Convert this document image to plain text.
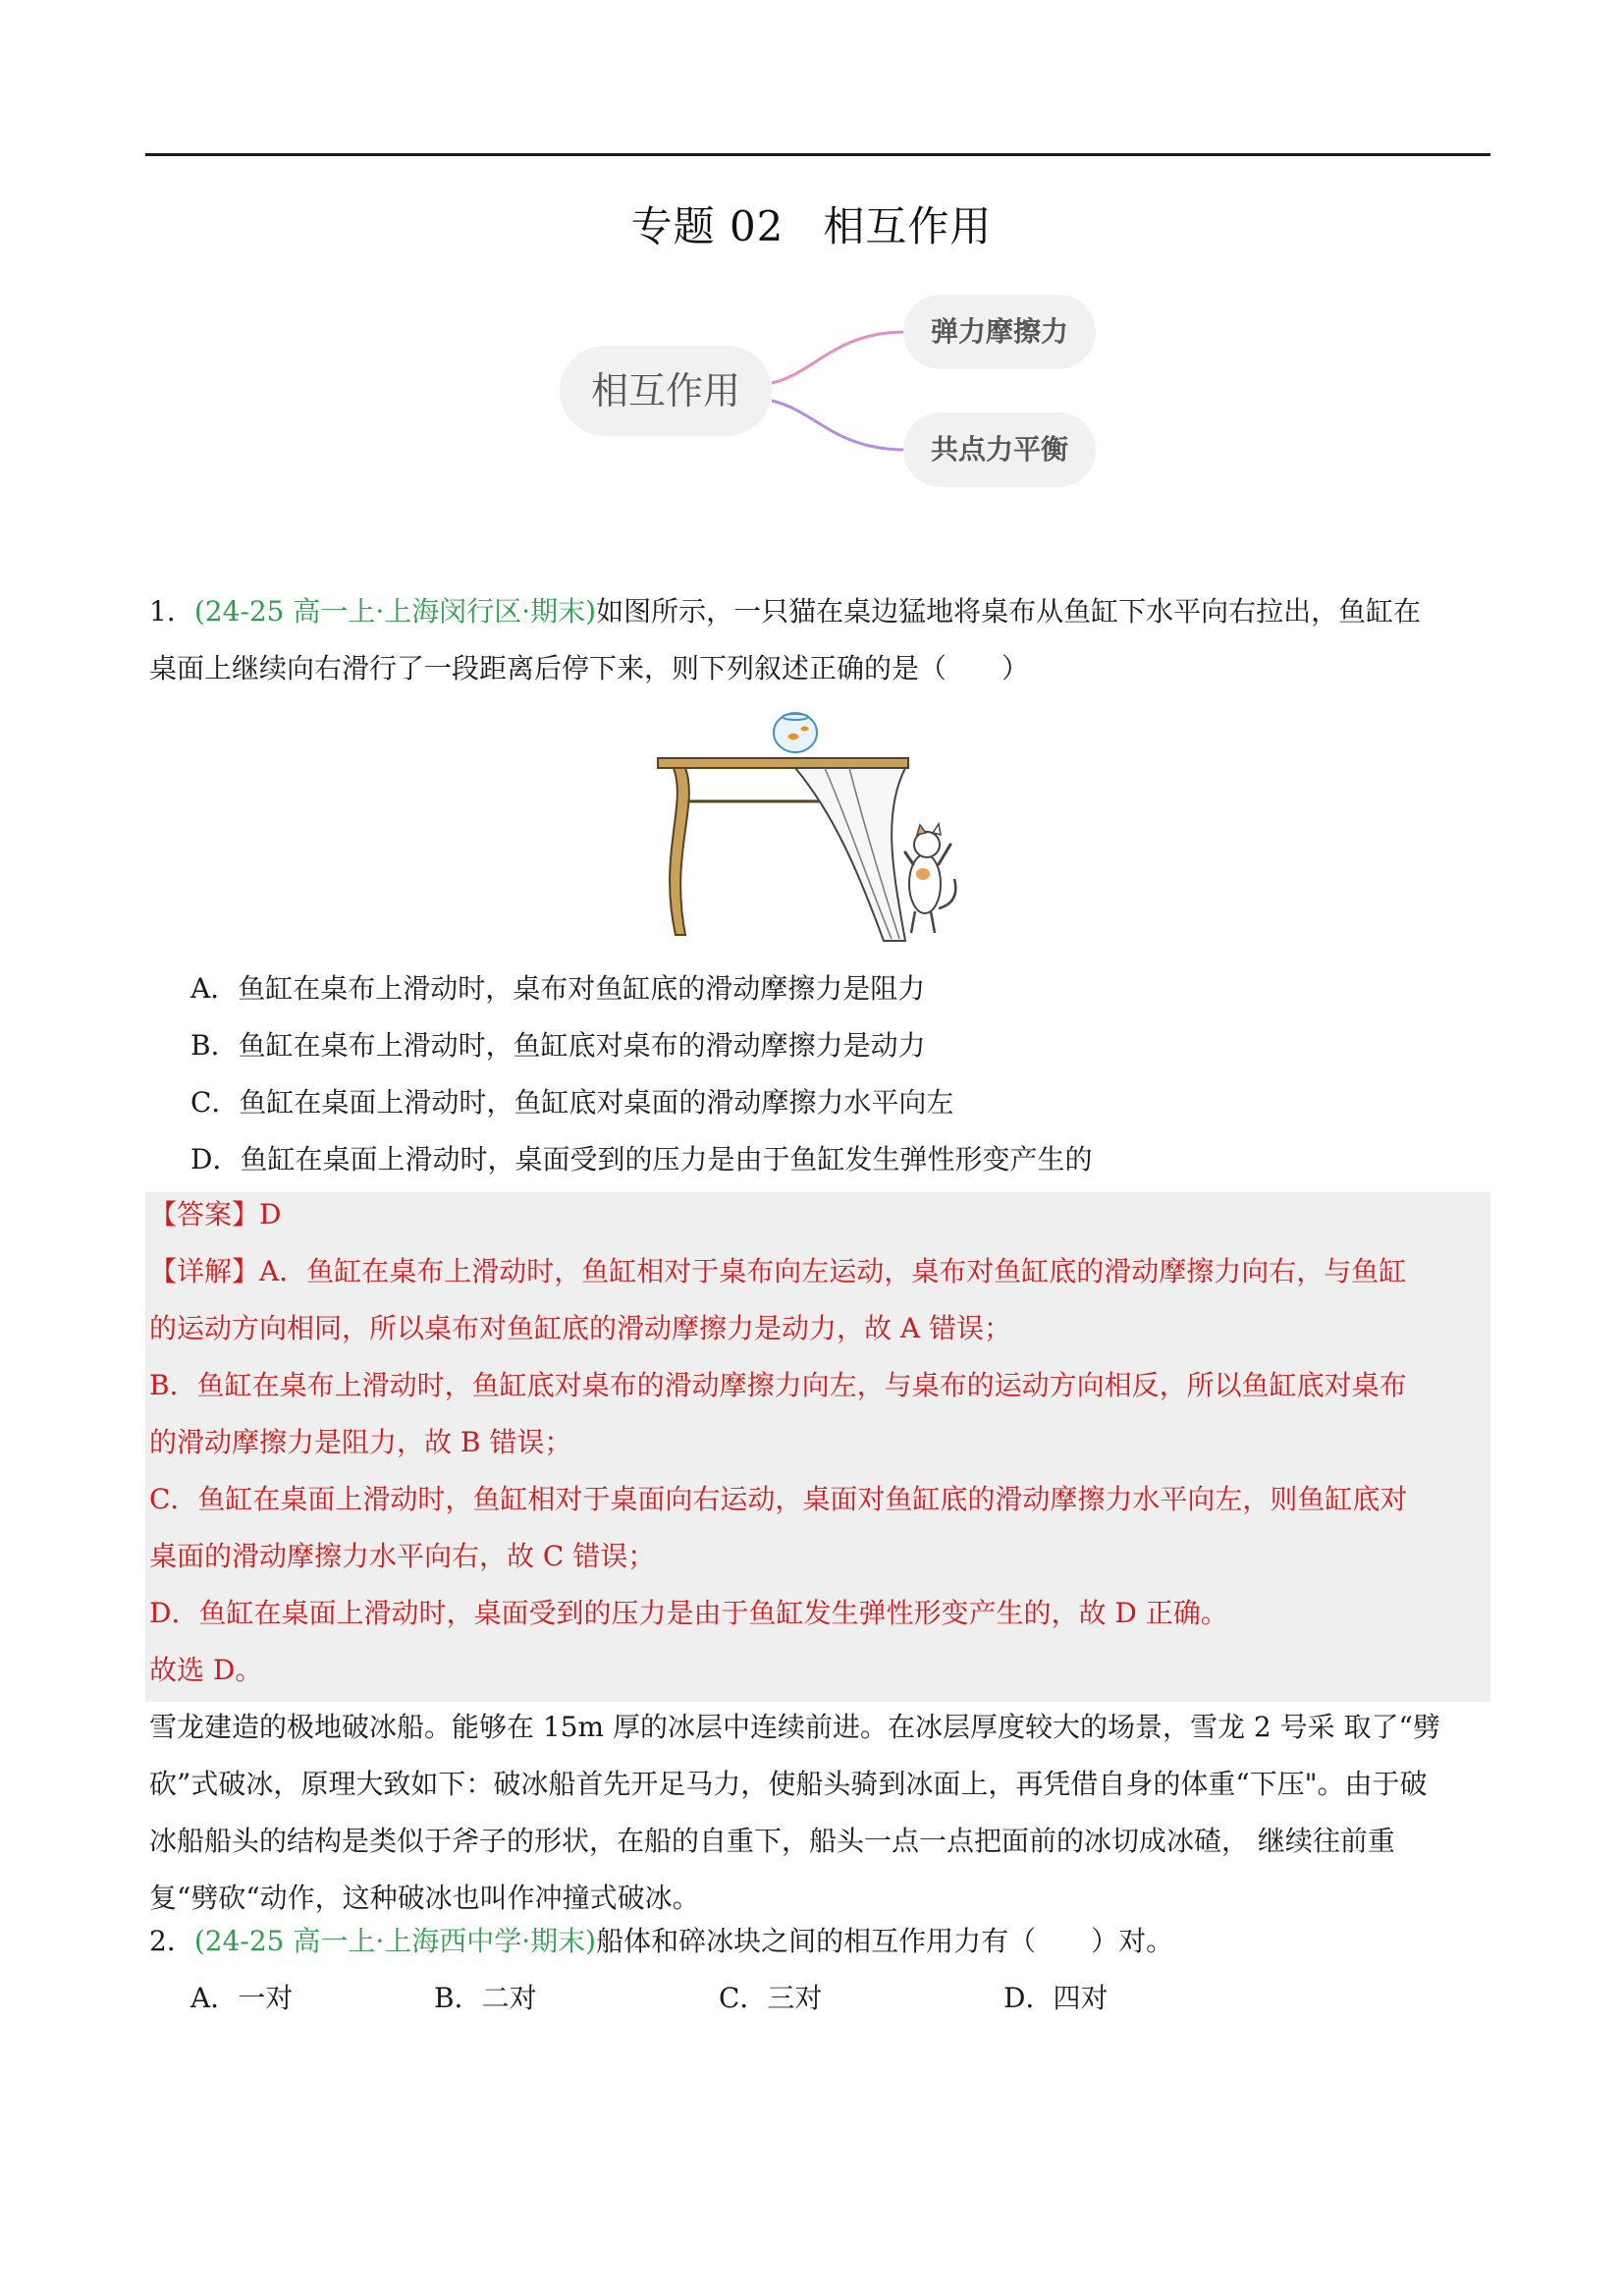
专题 02 相互作用
相互作用
弹力摩擦力
共点力平衡
1．(24-25 高一上·上海闵行区·期末)如图所示，一只猫在桌边猛地将桌布从鱼缸下水平向右拉出，鱼缸在
桌面上继续向右滑行了一段距离后停下来，则下列叙述正确的是（　　）
A．鱼缸在桌布上滑动时，桌布对鱼缸底的滑动摩擦力是阻力
B．鱼缸在桌布上滑动时，鱼缸底对桌布的滑动摩擦力是动力
C．鱼缸在桌面上滑动时，鱼缸底对桌面的滑动摩擦力水平向左
D．鱼缸在桌面上滑动时，桌面受到的压力是由于鱼缸发生弹性形变产生的
【答案】D
【详解】A．鱼缸在桌布上滑动时，鱼缸相对于桌布向左运动，桌布对鱼缸底的滑动摩擦力向右，与鱼缸
的运动方向相同，所以桌布对鱼缸底的滑动摩擦力是动力，故 A 错误；
B．鱼缸在桌布上滑动时，鱼缸底对桌布的滑动摩擦力向左，与桌布的运动方向相反，所以鱼缸底对桌布
的滑动摩擦力是阻力，故 B 错误；
C．鱼缸在桌面上滑动时，鱼缸相对于桌面向右运动，桌面对鱼缸底的滑动摩擦力水平向左，则鱼缸底对
桌面的滑动摩擦力水平向右，故 C 错误；
D．鱼缸在桌面上滑动时，桌面受到的压力是由于鱼缸发生弹性形变产生的，故 D 正确。
故选 D。
雪龙建造的极地破冰船。能够在 15m 厚的冰层中连续前进。在冰层厚度较大的场景，雪龙 2 号采 取了“劈
砍”式破冰，原理大致如下：破冰船首先开足马力，使船头骑到冰面上，再凭借自身的体重“下压"。由于破
冰船船头的结构是类似于斧子的形状，在船的自重下，船头一点一点把面前的冰切成冰碴， 继续往前重
复“劈砍“动作，这种破冰也叫作冲撞式破冰。
2．(24-25 高一上·上海西中学·期末)船体和碎冰块之间的相互作用力有（　　）对。
A．一对	B．二对	C．三对	D．四对
